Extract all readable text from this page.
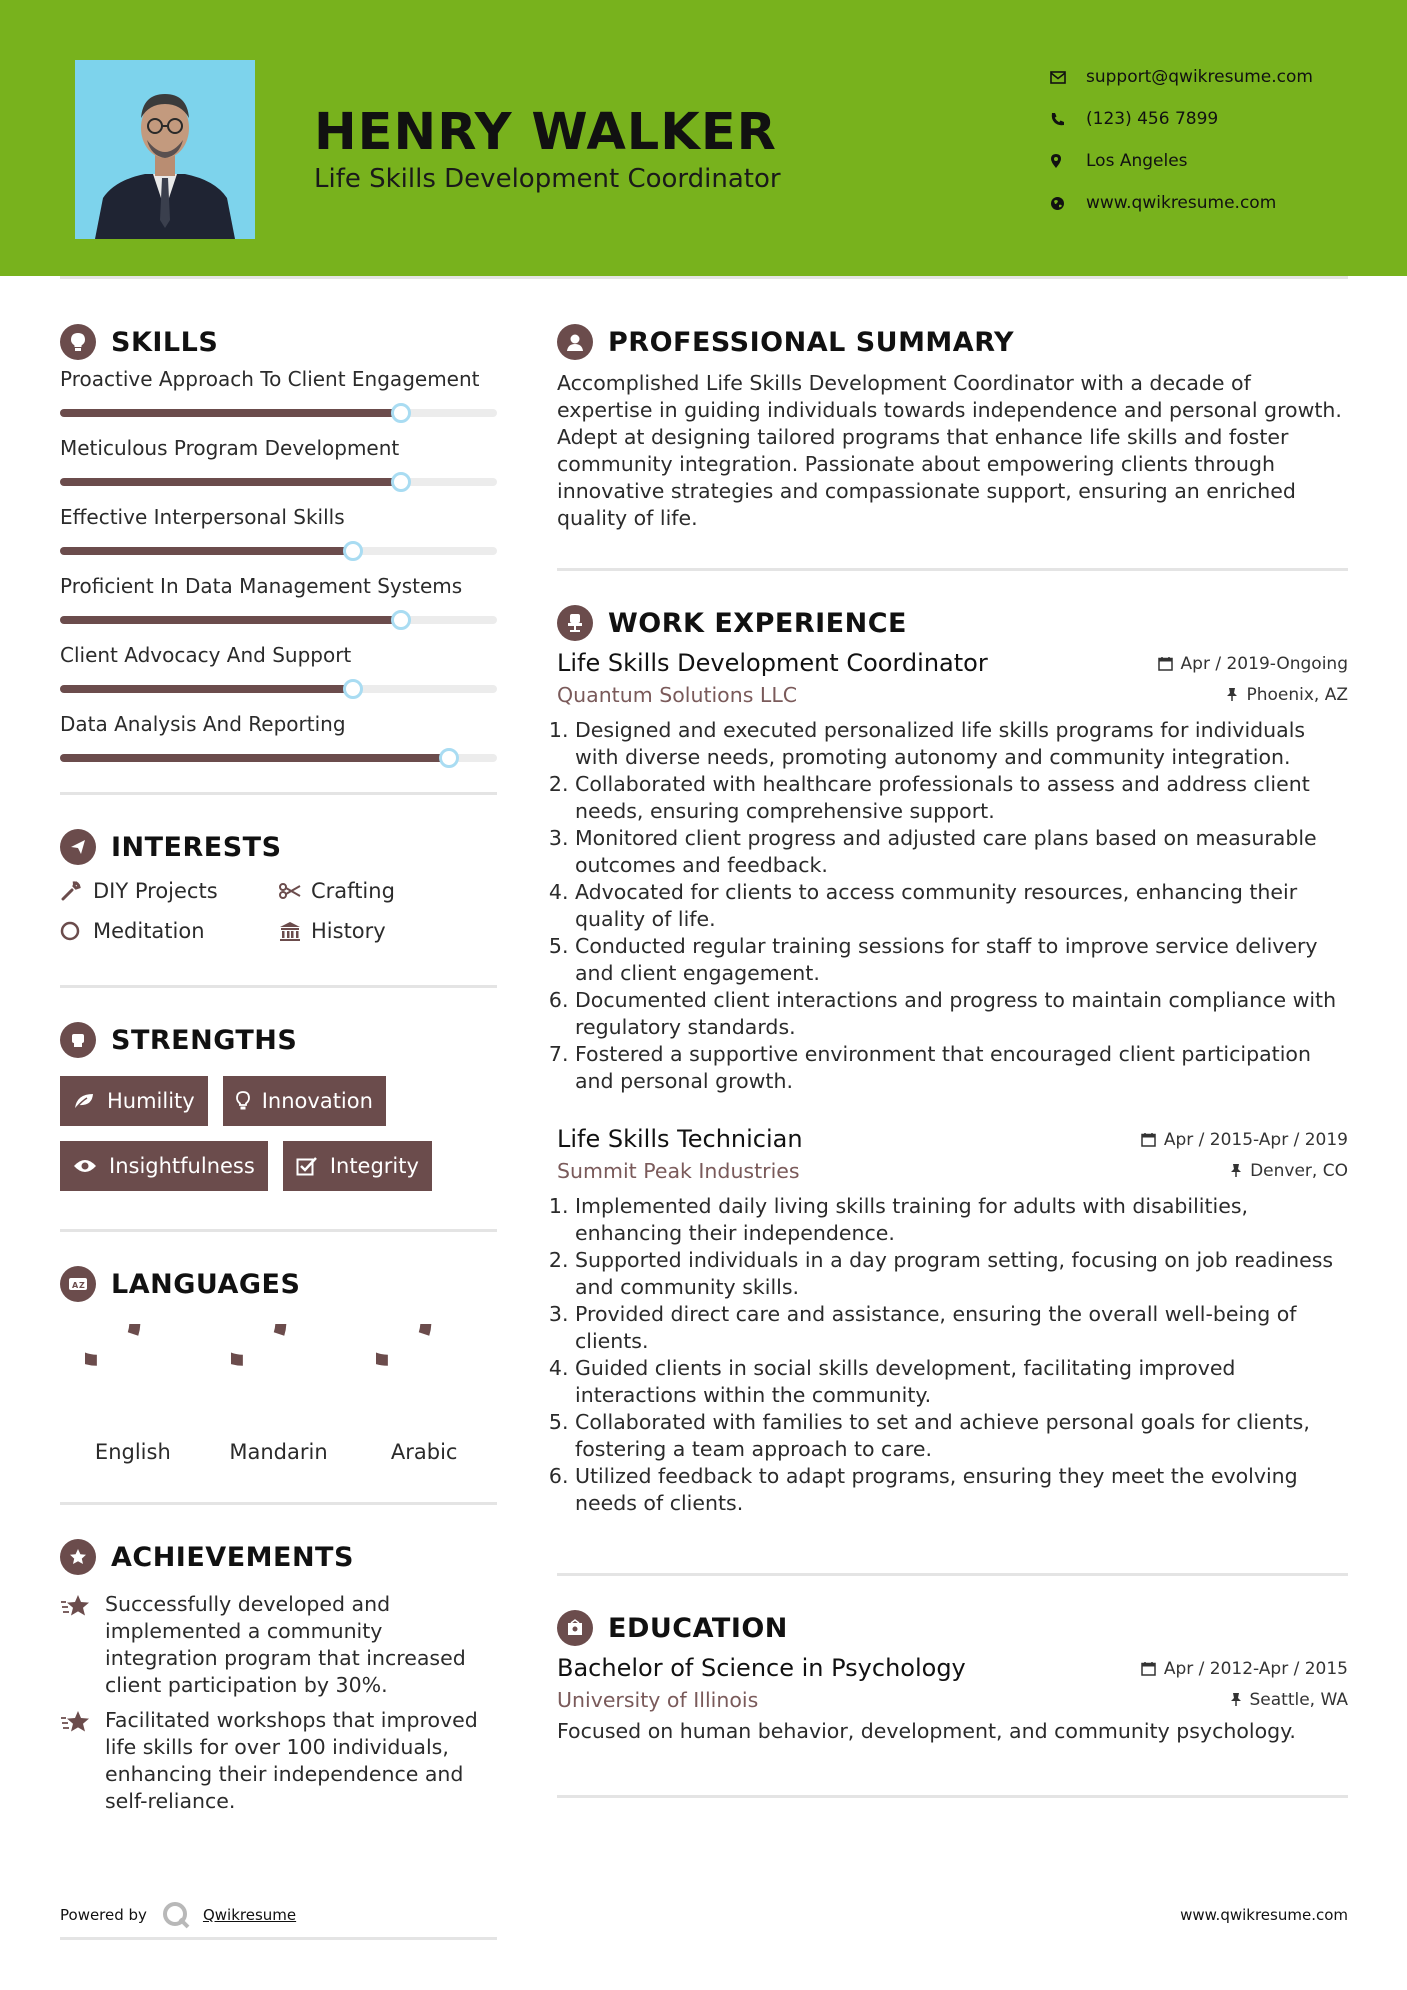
HENRY WALKER
Life Skills Development Coordinator
support@qwikresume.com
(123) 456 7899
Los Angeles
www.qwikresume.com
SKILLS
Proactive Approach To Client Engagement
Meticulous Program Development
Effective Interpersonal Skills
Proficient In Data Management Systems
Client Advocacy And Support
Data Analysis And Reporting
INTERESTS
DIY Projects	Crafting
Meditation	History
STRENGTHS
Humility	Innovation
Insightfulness	Integrity
A Z LANGUAGES
English	Mandarin	Arabic
ACHIEVEMENTS
Successfully developed and implemented a community integration program that increased client participation by 30%.
Facilitated workshops that improved life skills for over 100 individuals, enhancing their independence and self-reliance.
PROFESSIONAL SUMMARY
Accomplished Life Skills Development Coordinator with a decade of expertise in guiding individuals towards independence and personal growth. Adept at designing tailored programs that enhance life skills and foster community integration. Passionate about empowering clients through innovative strategies and compassionate support, ensuring an enriched quality of life.
WORK EXPERIENCE
Life Skills Development Coordinator	Apr / 2019-Ongoing
Quantum Solutions LLC	Phoenix, AZ
1. Designed and executed personalized life skills programs for individuals with diverse needs, promoting autonomy and community integration.
2. Collaborated with healthcare professionals to assess and address client needs, ensuring comprehensive support.
3. Monitored client progress and adjusted care plans based on measurable outcomes and feedback.
4. Advocated for clients to access community resources, enhancing their quality of life.
5. Conducted regular training sessions for staff to improve service delivery and client engagement.
6. Documented client interactions and progress to maintain compliance with regulatory standards.
7. Fostered a supportive environment that encouraged client participation and personal growth.
Life Skills Technician	Apr / 2015-Apr / 2019
Summit Peak Industries	Denver, CO
1. Implemented daily living skills training for adults with disabilities, enhancing their independence.
2. Supported individuals in a day program setting, focusing on job readiness and community skills.
3. Provided direct care and assistance, ensuring the overall well-being of clients.
4. Guided clients in social skills development, facilitating improved interactions within the community.
5. Collaborated with families to set and achieve personal goals for clients, fostering a team approach to care.
6. Utilized feedback to adapt programs, ensuring they meet the evolving needs of clients.
EDUCATION
Bachelor of Science in Psychology	Apr / 2012-Apr / 2015
University of Illinois	Seattle, WA
Focused on human behavior, development, and community psychology.
Powered by	Qwikresume	www.qwikresume.com
